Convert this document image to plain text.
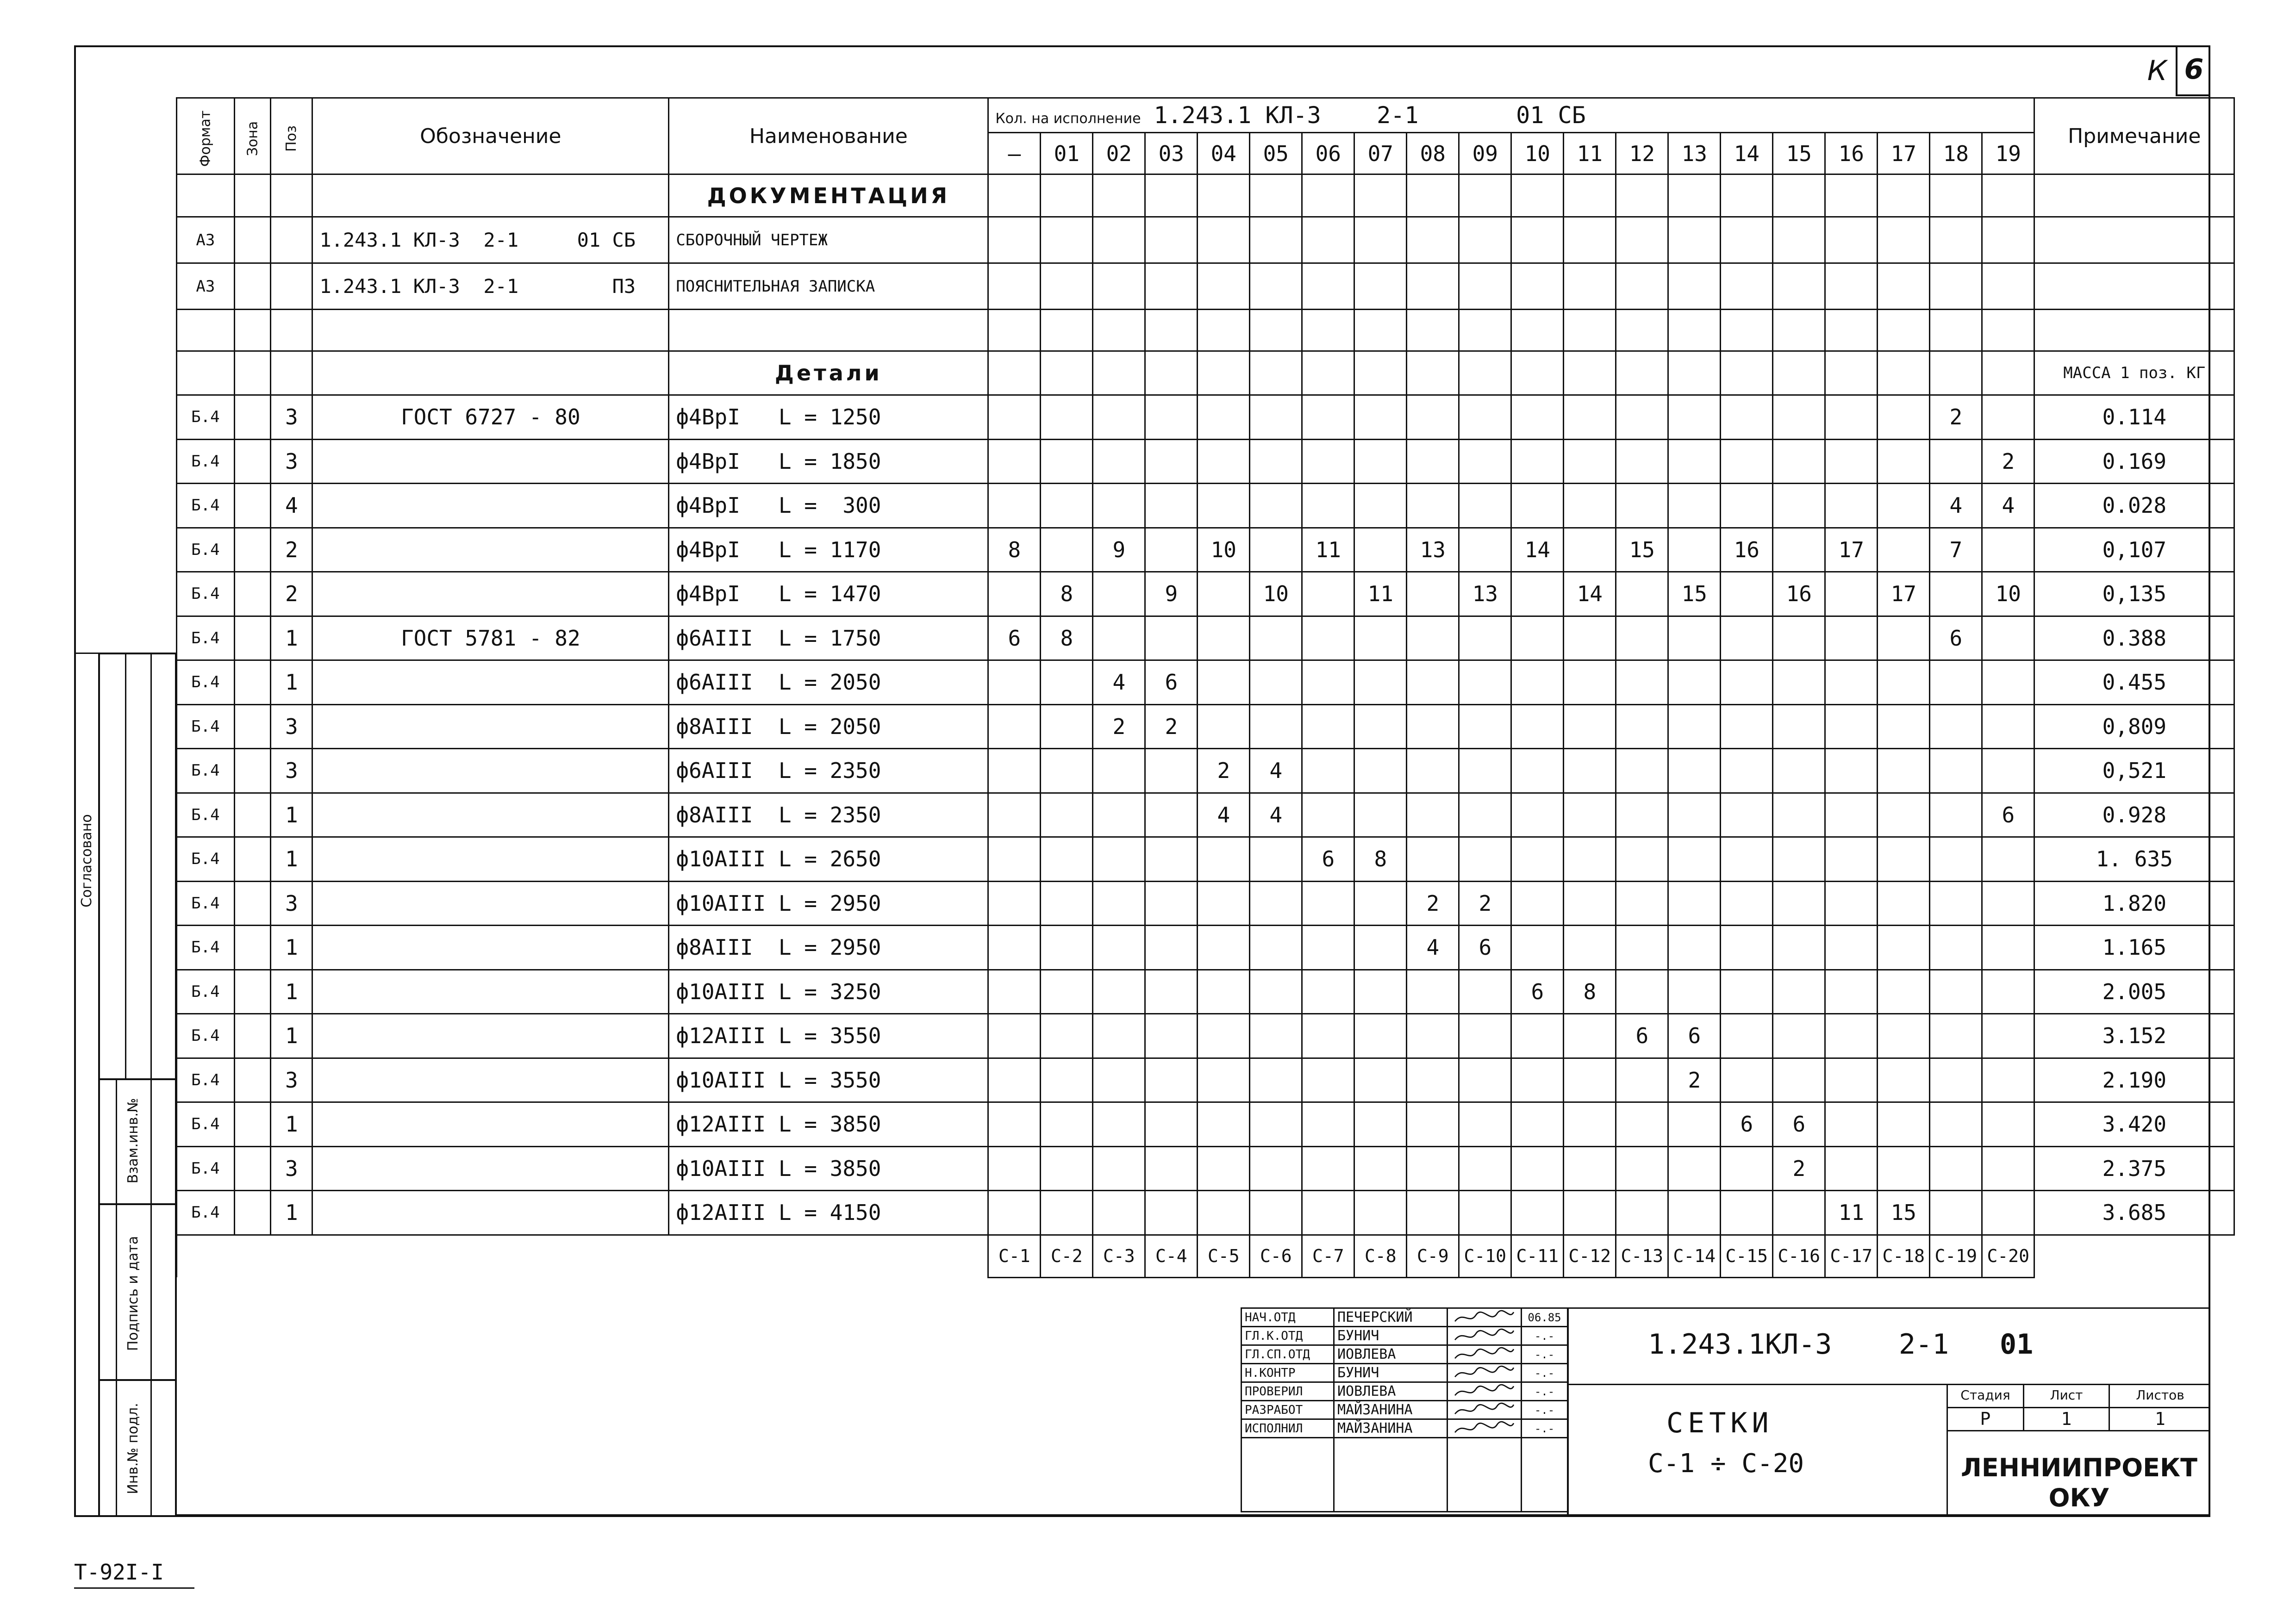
К 6
Согласовано
Взам.инв.№
Подпись и дата
Инв.№ подл.
Формат	Зона	Поз	Обозначение	Наименование	Кол. на исполнение 1.243.1 КЛ-3    2-1       01 СБ																				Примечание
					–	01	02	03	04	05	06	07	08	09	10	11	12	13	14	15	16	17	18	19	
				ДОКУМЕНТАЦИЯ																					
А3			1.243.1 КЛ-3  2-1     01 СБ	СБОРОЧНЫЙ ЧЕРТЕЖ																					
А3			1.243.1 КЛ-3  2-1        ПЗ	ПОЯСНИТЕЛЬНАЯ ЗАПИСКА																					

				Детали																					МАССА 1 поз. КГ
Б.4		3	ГОСТ 6727 - 80	ф4ВрI   L = 1250																			2		0.114
Б.4		3		ф4ВрI   L = 1850																				2	0.169
Б.4		4		ф4ВрI   L =  300																			4	4	0.028
Б.4		2		ф4ВрI   L = 1170	8		9		10		11		13		14		15		16		17		7		0,107
Б.4		2		ф4ВрI   L = 1470		8		9		10		11		13		14		15		16		17		10	0,135
Б.4		1	ГОСТ 5781 - 82	ф6АIII  L = 1750	6	8																	6		0.388
Б.4		1		ф6АIII  L = 2050			4	6																	0.455
Б.4		3		ф8АIII  L = 2050			2	2																	0,809
Б.4		3		ф6АIII  L = 2350					2	4															0,521
Б.4		1		ф8АIII  L = 2350					4	4														6	0.928
Б.4		1		ф10АIII L = 2650							6	8													1. 635
Б.4		3		ф10АIII L = 2950									2	2											1.820
Б.4		1		ф8АIII  L = 2950									4	6											1.165
Б.4		1		ф10АIII L = 3250											6	8									2.005
Б.4		1		ф12АIII L = 3550													6	6							3.152
Б.4		3		ф10АIII L = 3550														2							2.190
Б.4		1		ф12АIII L = 3850															6	6					3.420
Б.4		3		ф10АIII L = 3850																2					2.375
Б.4		1		ф12АIII L = 4150																	11	15			3.685
					С-1	С-2	С-3	С-4	С-5	С-6	С-7	С-8	С-9	С-10	С-11	С-12	С-13	С-14	С-15	С-16	С-17	С-18	С-19	С-20	
НАЧ.ОТД	ПЕЧЕРСКИЙ		06.85
ГЛ.К.ОТД	БУНИЧ		-.-
ГЛ.СП.ОТД	ИОВЛЕВА		-.-
Н.КОНТР	БУНИЧ		-.-
ПРОВЕРИЛ	ИОВЛЕВА		-.-
РАЗРАБОТ	МАЙЗАНИНА		-.-
ИСПОЛНИЛ	МАЙЗАНИНА		-.-

1.243.1КЛ-3    2-1 01
СЕТКИ
С-1 ÷ С-20
Стадия	Лист	Листов
Р	1	1
ЛЕННИИПРОЕКТ
ОКУ
Т-92I-I
